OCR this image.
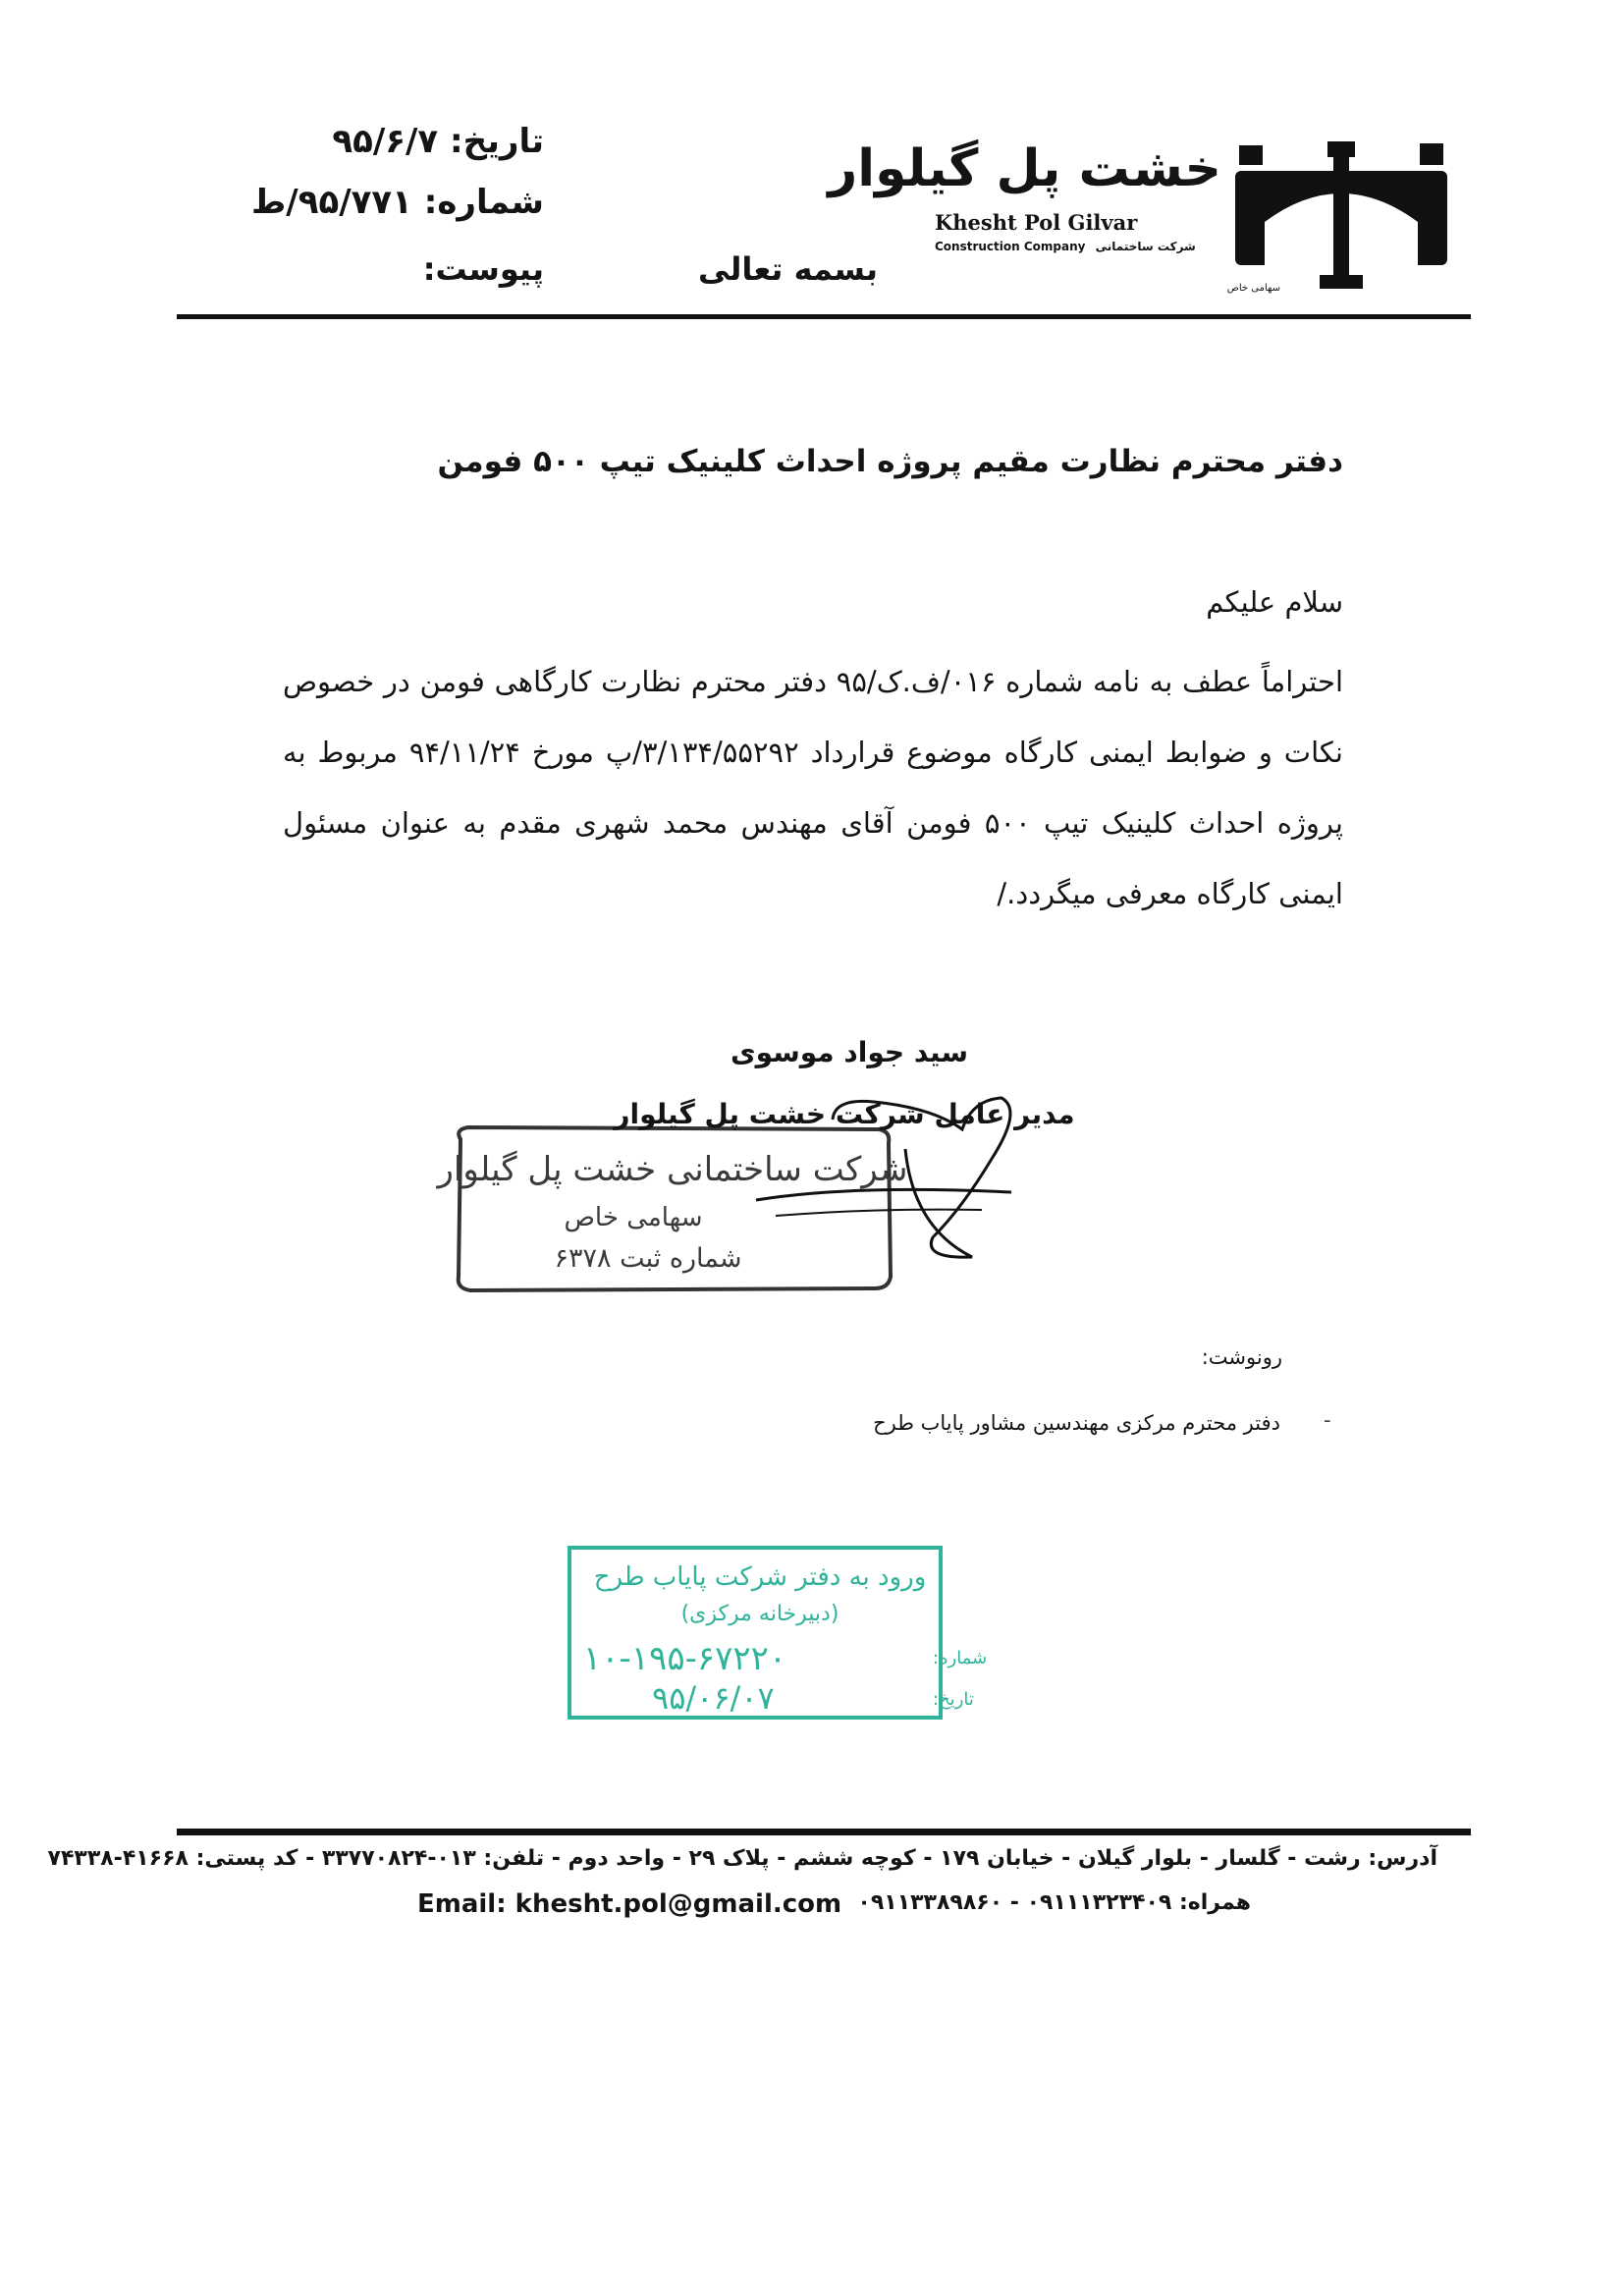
سهامی خاص
خشت پل گیلوار
Khesht Pol Gilvar
Construction Company شرکت ساختمانی
تاریخ: ۹۵/۶/۷
شماره: ۹۵/۷۷۱/ط
پیوست:	بسمه تعالی
دفتر محترم نظارت مقیم پروژه احداث کلینیک تیپ ۵۰۰ فومن
سلام علیکم
احتراماً عطف به نامه شماره ۰۱۶/ف.ک/۹۵ دفتر محترم نظارت کارگاهی فومن در خصوص نکات و ضوابط ایمنی کارگاه موضوع قرارداد ۳/۱۳۴/۵۵۲۹۲/پ مورخ ۹۴/۱۱/۲۴ مربوط به پروژه احداث کلینیک تیپ ۵۰۰ فومن آقای مهندس محمد شهری مقدم به عنوان مسئول ایمنی کارگاه معرفی میگردد./
شرکت ساختمانی خشت پل گیلوار
سهامی خاص
شماره ثبت ۶۳۷۸
سید جواد موسوی
مدیر عامل شرکت خشت پل گیلوار
رونوشت:
-
دفتر محترم مرکزی مهندسین مشاور پایاب طرح
ورود به دفتر شرکت پایاب طرح
(دبیرخانه مرکزی)
شماره:
۱۰-۱۹۵-۶۷۲۲۰
تاریخ:
۹۵/۰۶/۰۷
آدرس: رشت - گلسار - بلوار گیلان - خیابان ۱۷۹ - کوچه ششم - پلاک ۲۹ - واحد دوم - تلفن: ۰۱۳-۳۳۷۷۰۸۲۴ - کد پستی: ۴۱۶۶۸-۷۴۳۳۸
همراه: ۰۹۱۱۱۳۲۳۴۰۹ - ۰۹۱۱۳۳۸۹۸۶۰
Email: khesht.pol@gmail.com
